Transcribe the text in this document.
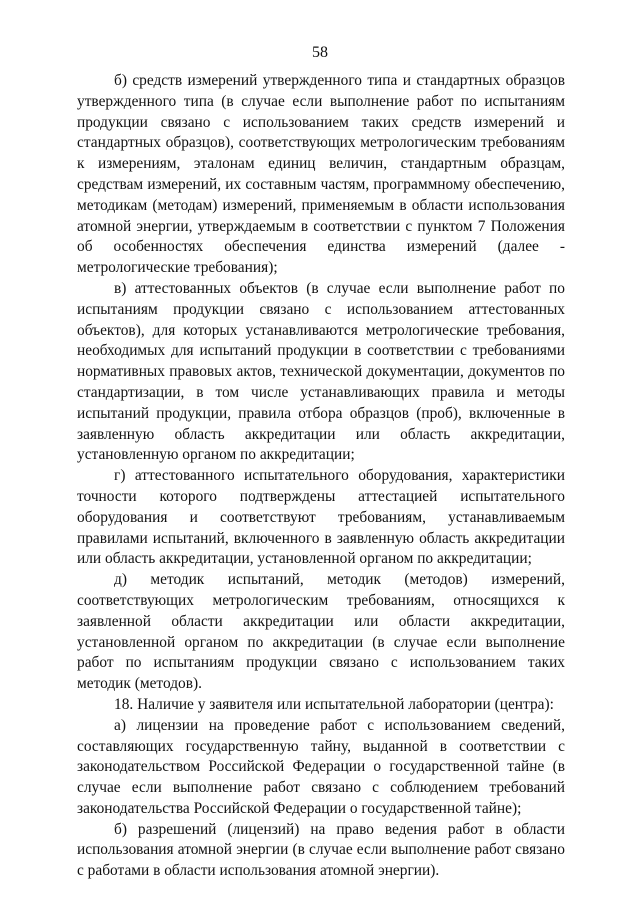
58

б) средств измерений утвержденного типа и стандартных образцов утвержденного типа (в случае если выполнение работ по испытаниям продукции связано с использованием таких средств измерений и стандартных образцов), соответствующих метрологическим требованиям к измерениям, эталонам единиц величин, стандартным образцам, средствам измерений, их составным частям, программному обеспечению, методикам (методам) измерений, применяемым в области использования атомной энергии, утверждаемым в соответствии с пунктом 7 Положения об особенностях обеспечения единства измерений (далее - метрологические требования);

в) аттестованных объектов (в случае если выполнение работ по испытаниям продукции связано с использованием аттестованных объектов), для которых устанавливаются метрологические требования, необходимых для испытаний продукции в соответствии с требованиями нормативных правовых актов, технической документации, документов по стандартизации, в том числе устанавливающих правила и методы испытаний продукции, правила отбора образцов (проб), включенные в заявленную область аккредитации или область аккредитации, установленную органом по аккредитации;

г) аттестованного испытательного оборудования, характеристики точности которого подтверждены аттестацией испытательного оборудования и соответствуют требованиям, устанавливаемым правилами испытаний, включенного в заявленную область аккредитации или область аккредитации, установленной органом по аккредитации;

д) методик испытаний, методик (методов) измерений, соответствующих метрологическим требованиям, относящихся к заявленной области аккредитации или области аккредитации, установленной органом по аккредитации (в случае если выполнение работ по испытаниям продукции связано с использованием таких методик (методов).

18. Наличие у заявителя или испытательной лаборатории (центра):

а) лицензии на проведение работ с использованием сведений, составляющих государственную тайну, выданной в соответствии с законодательством Российской Федерации о государственной тайне (в случае если выполнение работ связано с соблюдением требований законодательства Российской Федерации о государственной тайне);

б) разрешений (лицензий) на право ведения работ в области использования атомной энергии (в случае если выполнение работ связано с работами в области использования атомной энергии).
